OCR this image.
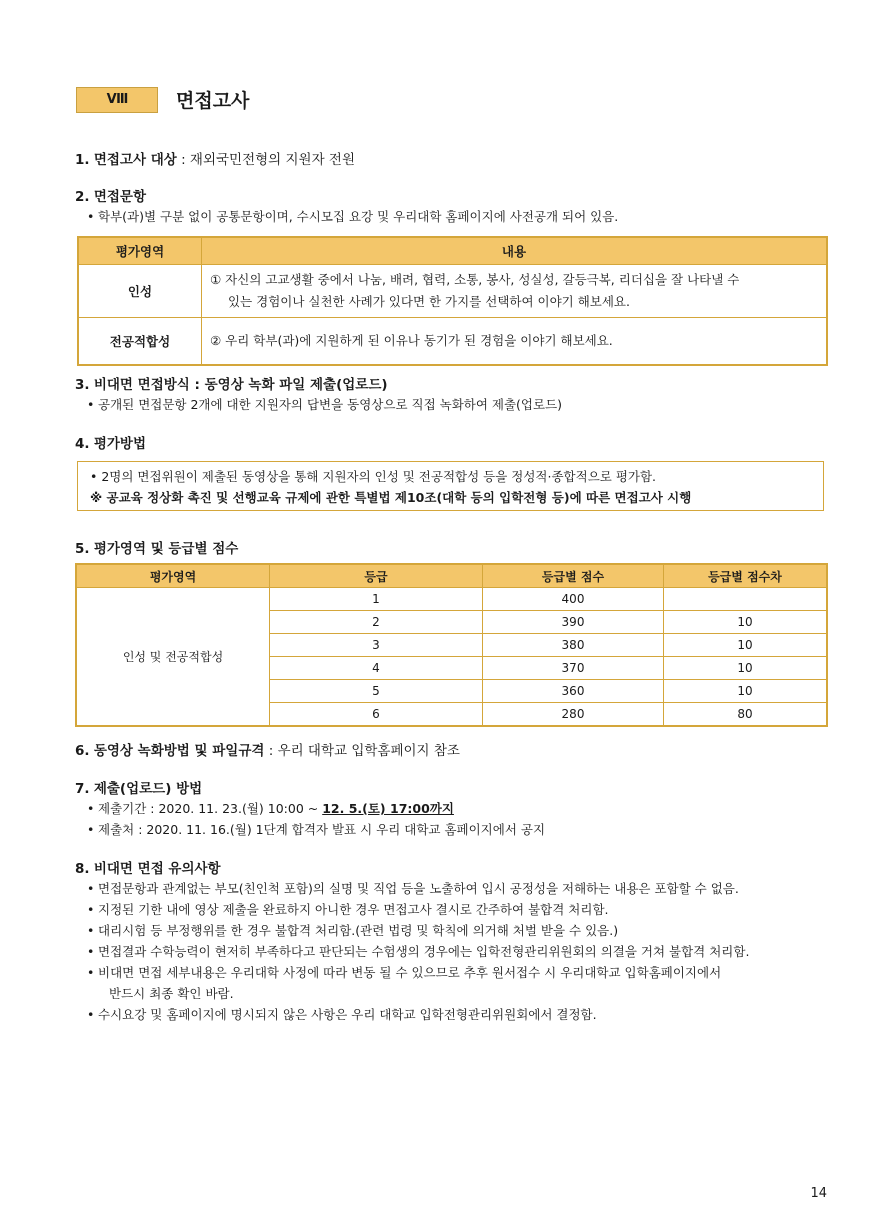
Ⅷ	면접고사
1. 면접고사 대상 : 재외국민전형의 지원자 전원
2. 면접문항
• 학부(과)별 구분 없이 공통문항이며, 수시모집 요강 및 우리대학 홈페이지에 사전공개 되어 있음.
평가영역	내용
인성	① 자신의 고교생활 중에서 나눔, 배려, 협력, 소통, 봉사, 성실성, 갈등극복, 리더십을 잘 나타낼 수
있는 경험이나 실천한 사례가 있다면 한 가지를 선택하여 이야기 해보세요.

전공적합성	② 우리 학부(과)에 지원하게 된 이유나 동기가 된 경험을 이야기 해보세요.
3. 비대면 면접방식 : 동영상 녹화 파일 제출(업로드)
• 공개된 면접문항 2개에 대한 지원자의 답변을 동영상으로 직접 녹화하여 제출(업로드)
4. 평가방법
• 2명의 면접위원이 제출된 동영상을 통해 지원자의 인성 및 전공적합성 등을 정성적·종합적으로 평가함.
※ 공교육 정상화 촉진 및 선행교육 규제에 관한 특별법 제10조(대학 등의 입학전형 등)에 따른 면접고사 시행
5. 평가영역 및 등급별 점수
평가영역	등급	등급별 점수	등급별 점수차
인성 및 전공적합성	1	400	
	2	390	10
	3	380	10
	4	370	10
	5	360	10
	6	280	80
6. 동영상 녹화방법 및 파일규격 : 우리 대학교 입학홈페이지 참조
7. 제출(업로드) 방법
• 제출기간 : 2020. 11. 23.(월) 10:00 ~ 12. 5.(토) 17:00까지
• 제출처 : 2020. 11. 16.(월) 1단계 합격자 발표 시 우리 대학교 홈페이지에서 공지
8. 비대면 면접 유의사항
• 면접문항과 관계없는 부모(친인척 포함)의 실명 및 직업 등을 노출하여 입시 공정성을 저해하는 내용은 포함할 수 없음.
• 지정된 기한 내에 영상 제출을 완료하지 아니한 경우 면접고사 결시로 간주하여 불합격 처리함.
• 대리시험 등 부정행위를 한 경우 불합격 처리함.(관련 법령 및 학칙에 의거해 처벌 받을 수 있음.)
• 면접결과 수학능력이 현저히 부족하다고 판단되는 수험생의 경우에는 입학전형관리위원회의 의결을 거쳐 불합격 처리함.
• 비대면 면접 세부내용은 우리대학 사정에 따라 변동 될 수 있으므로 추후 원서접수 시 우리대학교 입학홈페이지에서
반드시 최종 확인 바람.
• 수시요강 및 홈페이지에 명시되지 않은 사항은 우리 대학교 입학전형관리위원회에서 결정함.
14
